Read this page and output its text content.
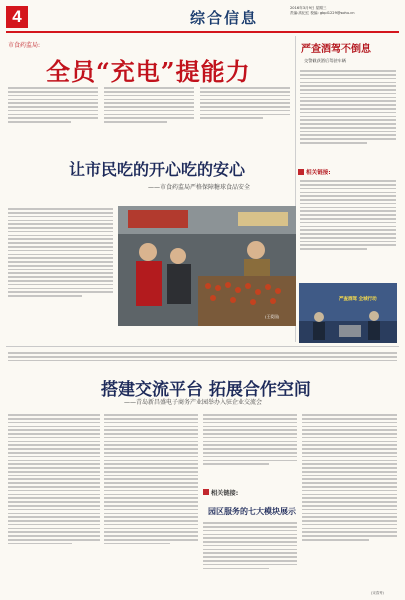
4	综合信息
2016年3月9日 星期三
责编:高纪红 校编: gbpl1229@sohu.cn
市食药监局:
全员“充电”提能力
严查酒驾不倒息
交警截获酒后驾驶车辆
相关链接:
严查酒驾 全城行动
让市民吃的开心吃的安心
——市食药监局严格保障糖球食品安全
(王爱国)
搭建交流平台 拓展合作空间
——青岛新昌盛电子商务产业园举办入驻企业交流会
相关链接:
园区服务的七大模块展示
(宋春秀)
